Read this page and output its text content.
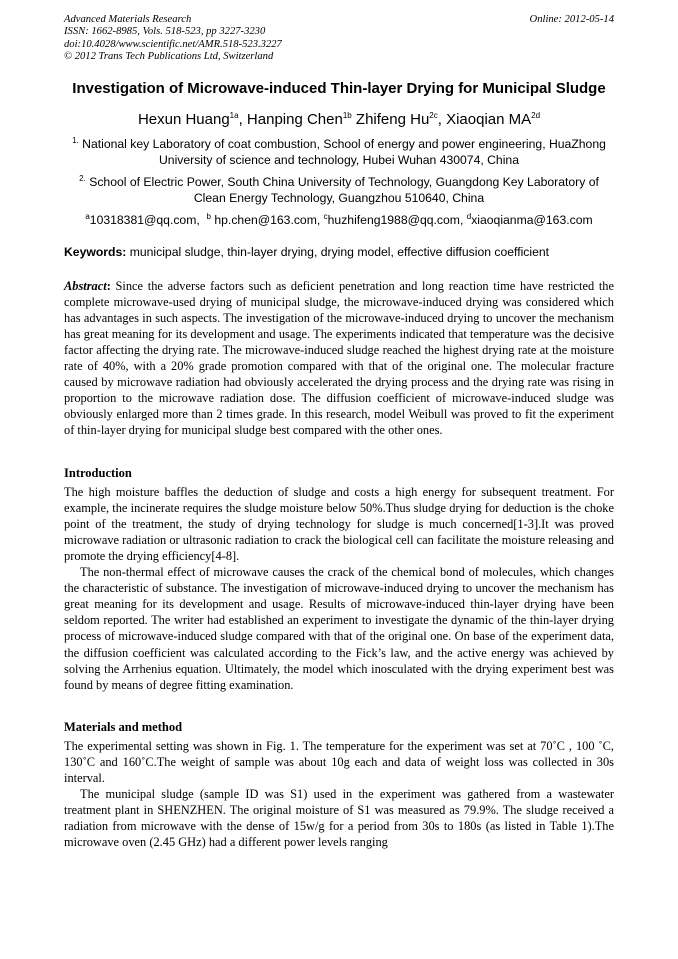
Advanced Materials Research
ISSN: 1662-8985, Vols. 518-523, pp 3227-3230
doi:10.4028/www.scientific.net/AMR.518-523.3227
© 2012 Trans Tech Publications Ltd, Switzerland
Online: 2012-05-14
Investigation of Microwave-induced Thin-layer Drying for Municipal Sludge
Hexun Huang$^{1a}$, Hanping Chen$^{1b}$ Zhifeng $Hu^{2c}$, Xiaoqian $MA^{2d}$
$^{1.}$ National key Laboratory of coat combustion, School of energy and power engineering, HuaZhong University of science and technology, Hubei Wuhan 430074, China
$^{2.}$ School of Electric Power, South China University of Technology, Guangdong Key Laboratory of Clean Energy Technology, Guangzhou 510640, China
$^a$10318381@qq.com, $^b$ hp.chen@163.com, $^c$huzhifeng1988@qq.com, $^d$xiaoqianma@163.com
Keywords: municipal sludge, thin-layer drying, drying model, effective diffusion coefficient
Abstract: Since the adverse factors such as deficient penetration and long reaction time have restricted the complete microwave-used drying of municipal sludge, the microwave-induced drying was considered which has advantages in such aspects. The investigation of the microwave-induced drying to uncover the mechanism has great meaning for its development and usage. The experiments indicated that temperature was the decisive factor affecting the drying rate. The microwave-induced sludge reached the highest drying rate at the moisture rate of 40%, with a 20% grade promotion compared with that of the original one. The molecular fracture caused by microwave radiation had obviously accelerated the drying process and the drying rate was rising in proportion to the microwave radiation dose. The diffusion coefficient of microwave-induced sludge was obviously enlarged more than 2 times grade. In this research, model Weibull was proved to fit the experiment of thin-layer drying for municipal sludge best compared with the other ones.
Introduction

The high moisture baffles the deduction of sludge and costs a high energy for subsequent treatment. For example, the incinerate requires the sludge moisture below 50%.Thus sludge drying for deduction is the choke point of the treatment, the study of drying technology for sludge is much concerned[1-3].It was proved microwave radiation or ultrasonic radiation to crack the biological cell can facilitate the moisture releasing and promote the drying efficiency[4-8].

The non-thermal effect of microwave causes the crack of the chemical bond of molecules, which changes the characteristic of substance. The investigation of microwave-induced drying to uncover the mechanism has great meaning for its development and usage. Results of microwave-induced thin-layer drying have been seldom reported. The writer had established an experiment to investigate the dynamic of the thin-layer drying process of microwave-induced sludge compared with that of the original one. On base of the experiment data, the diffusion coefficient was calculated according to the Fick’s law, and the active energy was achieved by solving the Arrhenius equation. Ultimately, the model which inosculated with the drying experiment best was found by means of degree fitting examination.

Materials and method

The experimental setting was shown in Fig. 1. The temperature for the experiment was set at 70˚C , 100 ˚C, 130˚C and 160˚C.The weight of sample was about 10g each and data of weight loss was collected in 30s interval.

The municipal sludge (sample ID was S1) used in the experiment was gathered from a wastewater treatment plant in SHENZHEN. The original moisture of S1 was measured as 79.9%. The sludge received a radiation from microwave with the dense of 15w/g for a period from 30s to 180s (as listed in Table 1).The microwave oven (2.45 GHz) had a different power levels ranging
